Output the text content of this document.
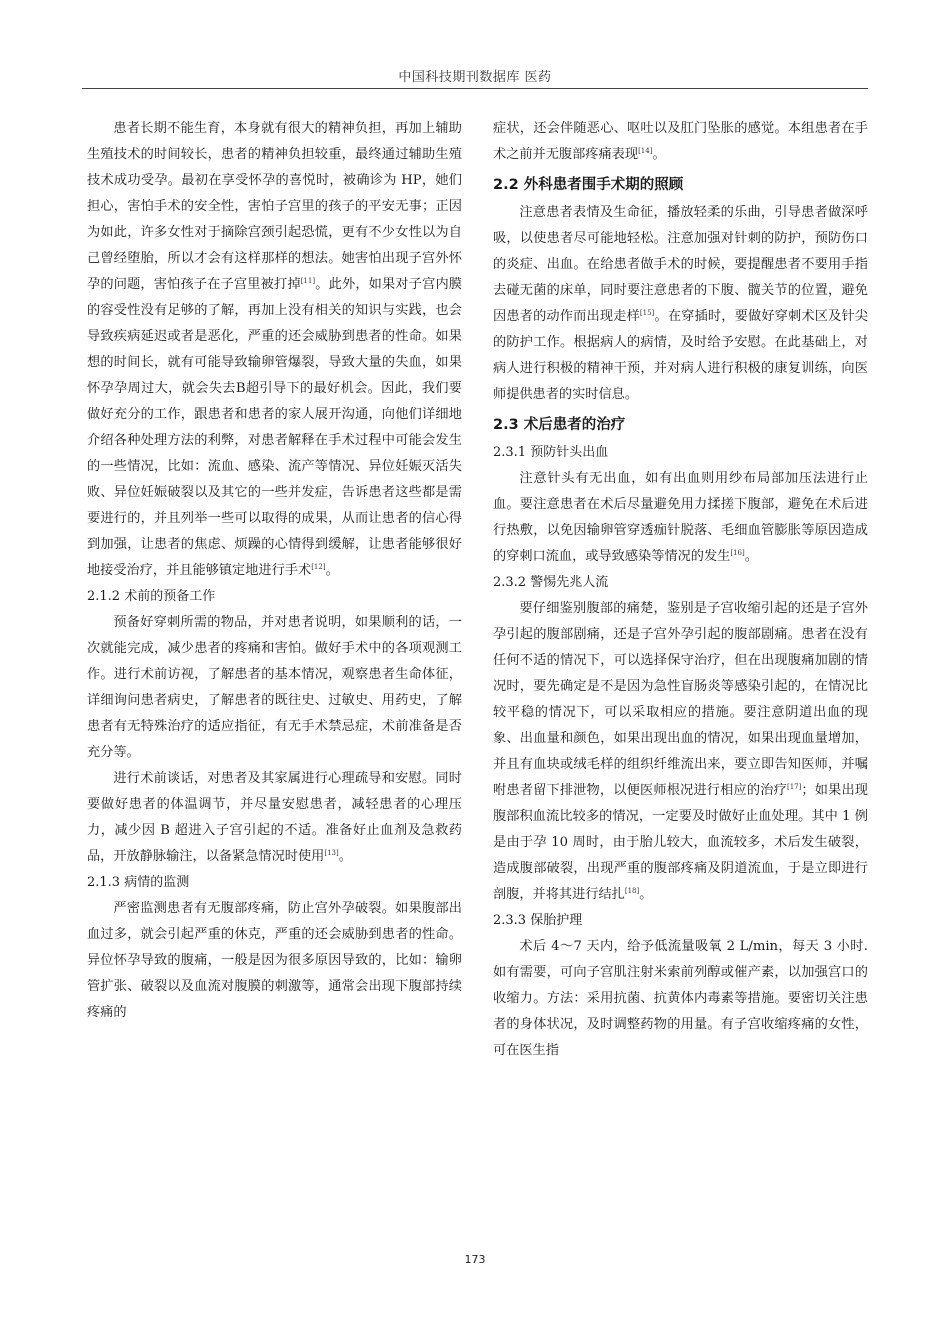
中国科技期刊数据库 医药

患者长期不能生育，本身就有很大的精神负担，再加上辅助生殖技术的时间较长，患者的精神负担较重，最终通过辅助生殖技术成功受孕。最初在享受怀孕的喜悦时，被确诊为 HP，她们担心，害怕手术的安全性，害怕子宫里的孩子的平安无事；正因为如此，许多女性对于摘除宫颈引起恐慌，更有不少女性以为自己曾经堕胎，所以才会有这样那样的想法。她害怕出现子宫外怀孕的问题，害怕孩子在子宫里被打掉[11]。此外，如果对子宫内膜的容受性没有足够的了解，再加上没有相关的知识与实践，也会导致疾病延迟或者是恶化，严重的还会威胁到患者的性命。如果想的时间长，就有可能导致输卵管爆裂，导致大量的失血，如果怀孕孕周过大，就会失去B超引导下的最好机会。因此，我们要做好充分的工作，跟患者和患者的家人展开沟通，向他们详细地介绍各种处理方法的利弊，对患者解释在手术过程中可能会发生的一些情况，比如：流血、感染、流产等情况、异位妊娠灭活失败、异位妊娠破裂以及其它的一些并发症，告诉患者这些都是需要进行的，并且列举一些可以取得的成果，从而让患者的信心得到加强，让患者的焦虑、烦躁的心情得到缓解，让患者能够很好地接受治疗，并且能够镇定地进行手术[12]。

2.1.2 术前的预备工作

预备好穿刺所需的物品，并对患者说明，如果顺利的话，一次就能完成，减少患者的疼痛和害怕。做好手术中的各项观测工作。进行术前访视，了解患者的基本情况，观察患者生命体征，详细询问患者病史，了解患者的既往史、过敏史、用药史，了解患者有无特殊治疗的适应指征，有无手术禁忌症，术前准备是否充分等。

进行术前谈话，对患者及其家属进行心理疏导和安慰。同时要做好患者的体温调节，并尽量安慰患者，减轻患者的心理压力，减少因 B 超进入子宫引起的不适。准备好止血剂及急救药品，开放静脉输注，以备紧急情况时使用[13]。

2.1.3 病情的监测

严密监测患者有无腹部疼痛，防止宫外孕破裂。如果腹部出血过多，就会引起严重的休克，严重的还会威胁到患者的性命。异位怀孕导致的腹痛，一般是因为很多原因导致的，比如：输卵管扩张、破裂以及血流对腹膜的刺激等，通常会出现下腹部持续疼痛的

症状，还会伴随恶心、呕吐以及肛门坠胀的感觉。本组患者在手术之前并无腹部疼痛表现[14]。

2.2 外科患者围手术期的照顾

注意患者表情及生命征，播放轻柔的乐曲，引导患者做深呼吸，以使患者尽可能地轻松。注意加强对针刺的防护，预防伤口的炎症、出血。在给患者做手术的时候，要提醒患者不要用手指去碰无菌的床单，同时要注意患者的下腹、髋关节的位置，避免因患者的动作而出现走样[15]。在穿插时，要做好穿刺术区及针尖的防护工作。根据病人的病情，及时给予安慰。在此基础上，对病人进行积极的精神干预，并对病人进行积极的康复训练，向医师提供患者的实时信息。

2.3 术后患者的治疗

2.3.1 预防针头出血

注意针头有无出血，如有出血则用纱布局部加压法进行止血。要注意患者在术后尽量避免用力揉搓下腹部，避免在术后进行热敷，以免因输卵管穿透痂针脱落、毛细血管膨胀等原因造成的穿刺口流血，或导致感染等情况的发生[16]。

2.3.2 警惕先兆人流

要仔细鉴别腹部的痛楚，鉴别是子宫收缩引起的还是子宫外孕引起的腹部剧痛，还是子宫外孕引起的腹部剧痛。患者在没有任何不适的情况下，可以选择保守治疗，但在出现腹痛加剧的情况时，要先确定是不是因为急性盲肠炎等感染引起的，在情况比较平稳的情况下，可以采取相应的措施。要注意阴道出血的现象、出血量和颜色，如果出现出血的情况，如果出现血量增加，并且有血块或绒毛样的组织纤维流出来，要立即告知医师，并嘱咐患者留下排泄物，以便医师根况进行相应的治疗[17]；如果出现腹部积血流比较多的情况，一定要及时做好止血处理。其中 1 例是由于孕 10 周时，由于胎儿较大，血流较多，术后发生破裂，造成腹部破裂，出现严重的腹部疼痛及阴道流血，于是立即进行剖腹，并将其进行结扎[18]。

2.3.3 保胎护理

术后 4～7 天内，给予低流量吸氧 2 L/min，每天 3 小时.如有需要，可向子宫肌注射米索前列醇或催产素，以加强宫口的收缩力。方法：采用抗菌、抗黄体内毒素等措施。要密切关注患者的身体状况，及时调整药物的用量。有子宫收缩疼痛的女性，可在医生指

173
